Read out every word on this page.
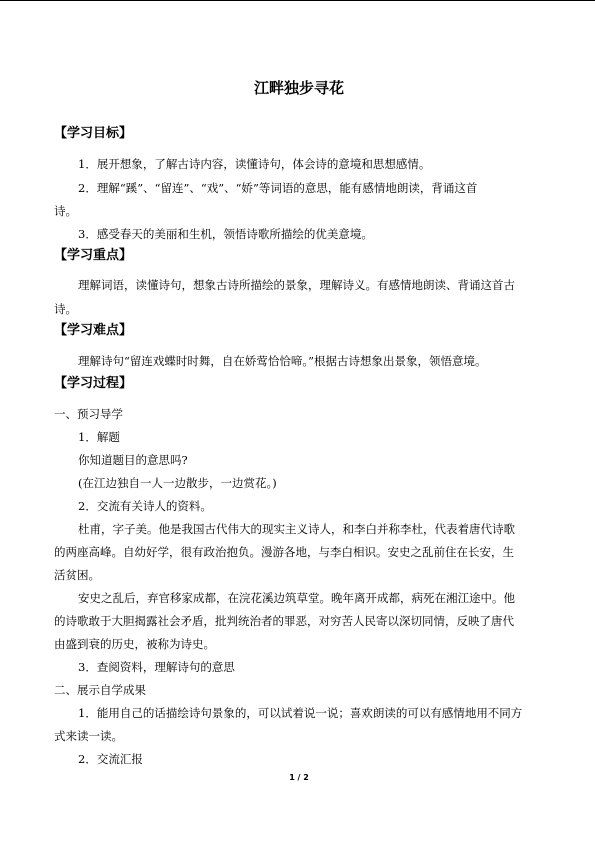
江畔独步寻花
【学习目标】
1．展开想象，了解古诗内容，读懂诗句，体会诗的意境和思想感情。
2．理解“蹊”、“留连”、“戏”、“娇”等词语的意思，能有感情地朗读，背诵这首
诗。
3．感受春天的美丽和生机，领悟诗歌所描绘的优美意境。
【学习重点】
理解词语，读懂诗句，想象古诗所描绘的景象，理解诗义。有感情地朗读、背诵这首古
诗。
【学习难点】
理解诗句“留连戏蝶时时舞，自在娇莺恰恰啼。”根据古诗想象出景象，领悟意境。
【学习过程】
一、预习导学
1．解题
你知道题目的意思吗?
(在江边独自一人一边散步，一边赏花。)
2．交流有关诗人的资料。
杜甫，字子美。他是我国古代伟大的现实主义诗人，和李白并称李杜，代表着唐代诗歌
的两座高峰。自幼好学，很有政治抱负。漫游各地，与李白相识。安史之乱前住在长安，生
活贫困。
安史之乱后，弃官移家成都，在浣花溪边筑草堂。晚年离开成都，病死在湘江途中。他
的诗歌敢于大胆揭露社会矛盾，批判统治者的罪恶，对穷苦人民寄以深切同情，反映了唐代
由盛到衰的历史，被称为诗史。
3．查阅资料，理解诗句的意思
二、展示自学成果
1．能用自己的话描绘诗句景象的，可以试着说一说；喜欢朗读的可以有感情地用不同方
式来读一读。
2．交流汇报
1 / 2
